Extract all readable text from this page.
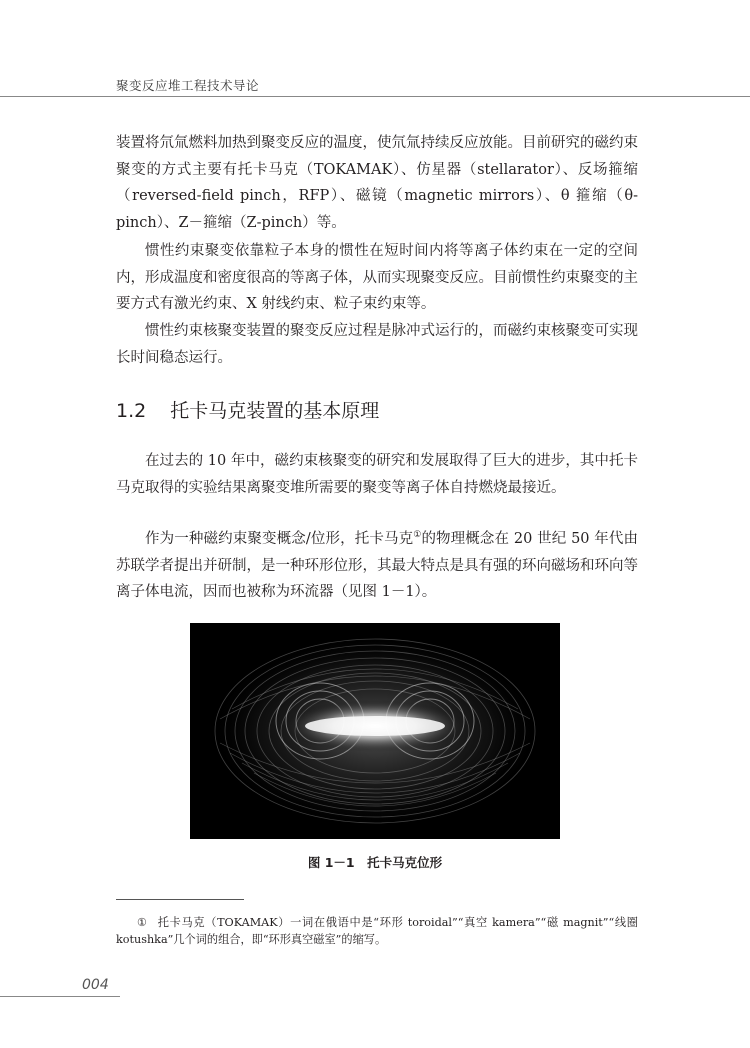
聚变反应堆工程技术导论

装置将氘氚燃料加热到聚变反应的温度，使氘氚持续反应放能。目前研究的磁约束聚变的方式主要有托卡马克（TOKAMAK）、仿星器（stellarator）、反场箍缩（reversed-field pinch，RFP）、磁镜（magnetic mirrors）、θ 箍缩（θ-pinch）、Z－箍缩（Z-pinch）等。

惯性约束聚变依靠粒子本身的惯性在短时间内将等离子体约束在一定的空间内，形成温度和密度很高的等离子体，从而实现聚变反应。目前惯性约束聚变的主要方式有激光约束、X 射线约束、粒子束约束等。

惯性约束核聚变装置的聚变反应过程是脉冲式运行的，而磁约束核聚变可实现长时间稳态运行。

1.2 托卡马克装置的基本原理

在过去的 10 年中，磁约束核聚变的研究和发展取得了巨大的进步，其中托卡马克取得的实验结果离聚变堆所需要的聚变等离子体自持燃烧最接近。

作为一种磁约束聚变概念/位形，托卡马克①的物理概念在 20 世纪 50 年代由苏联学者提出并研制，是一种环形位形，其最大特点是具有强的环向磁场和环向等离子体电流，因而也被称为环流器（见图 1－1）。

图 1－1　托卡马克位形
① 托卡马克（TOKAMAK）一词在俄语中是“环形 toroidal”“真空 kamera”“磁 magnit”“线圈 kotushka”几个词的组合，即“环形真空磁室”的缩写。
004
